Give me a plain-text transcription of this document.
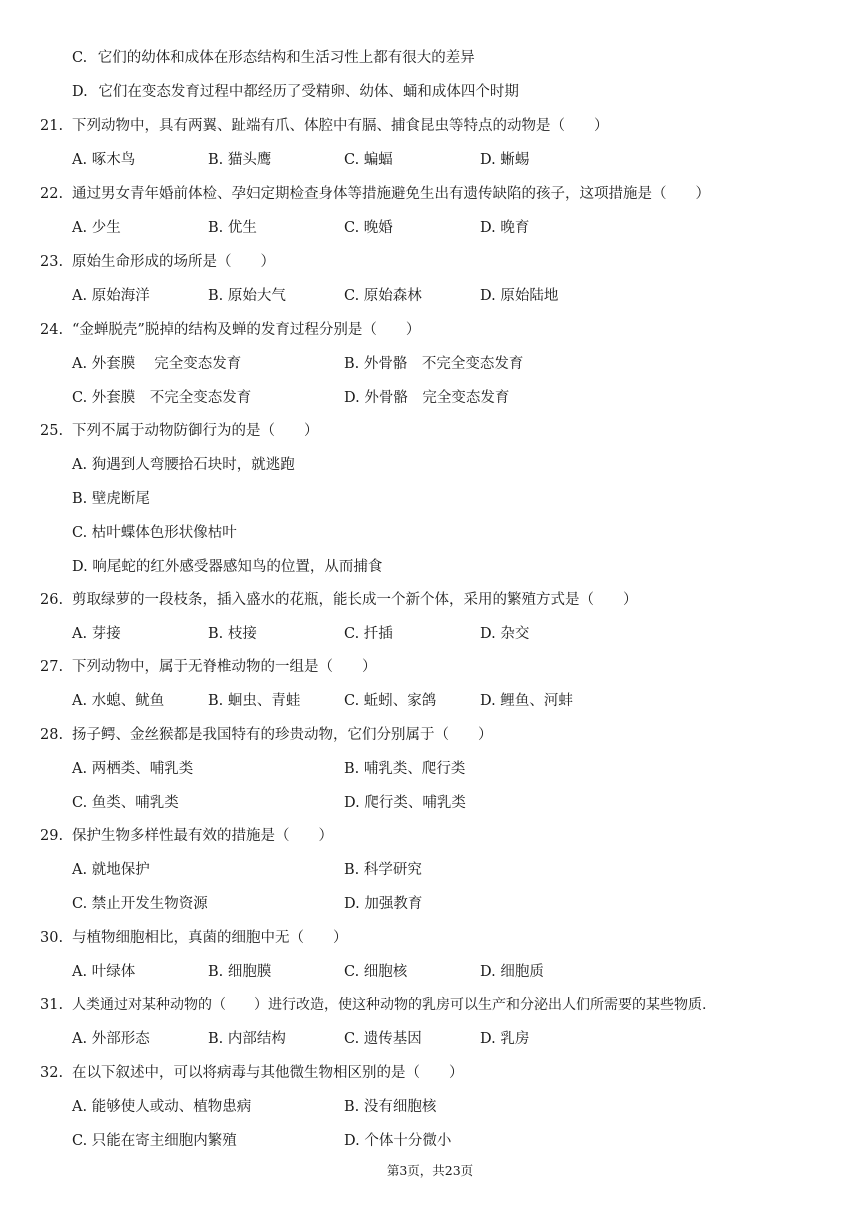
C. 它们的幼体和成体在形态结构和生活习性上都有很大的差异
D. 它们在变态发育过程中都经历了受精卵、幼体、蛹和成体四个时期
21. 下列动物中，具有两翼、趾端有爪、体腔中有膈、捕食昆虫等特点的动物是（　　）
A. 啄木鸟	B. 猫头鹰	C. 蝙蝠	D. 蜥蜴
22. 通过男女青年婚前体检、孕妇定期检查身体等措施避免生出有遗传缺陷的孩子，这项措施是（　　）
A. 少生	B. 优生	C. 晚婚	D. 晚育
23. 原始生命形成的场所是（　　）
A. 原始海洋	B. 原始大气	C. 原始森林	D. 原始陆地
24. “金蝉脱壳”脱掉的结构及蝉的发育过程分别是（　　）
A. 外套膜　 完全变态发育	B. 外骨骼　不完全变态发育
C. 外套膜　不完全变态发育	D. 外骨骼　完全变态发育
25. 下列不属于动物防御行为的是（　　）
A. 狗遇到人弯腰拾石块时，就逃跑
B. 壁虎断尾
C. 枯叶蝶体色形状像枯叶
D. 响尾蛇的红外感受器感知鸟的位置，从而捕食
26. 剪取绿萝的一段枝条，插入盛水的花瓶，能长成一个新个体，采用的繁殖方式是（　　）
A. 芽接	B. 枝接	C. 扦插	D. 杂交
27. 下列动物中，属于无脊椎动物的一组是（　　）
A. 水螅、鱿鱼	B. 蛔虫、青蛙	C. 蚯蚓、家鸽	D. 鲤鱼、河蚌
28. 扬子鳄、金丝猴都是我国特有的珍贵动物，它们分别属于（　　）
A. 两栖类、哺乳类	B. 哺乳类、爬行类
C. 鱼类、哺乳类	D. 爬行类、哺乳类
29. 保护生物多样性最有效的措施是（　　）
A. 就地保护	B. 科学研究
C. 禁止开发生物资源	D. 加强教育
30. 与植物细胞相比，真菌的细胞中无（　　）
A. 叶绿体	B. 细胞膜	C. 细胞核	D. 细胞质
31. 人类通过对某种动物的（　　）进行改造，使这种动物的乳房可以生产和分泌出人们所需要的某些物质.
A. 外部形态	B. 内部结构	C. 遗传基因	D. 乳房
32. 在以下叙述中，可以将病毒与其他微生物相区别的是（　　）
A. 能够使人或动、植物患病	B. 没有细胞核
C. 只能在寄主细胞内繁殖	D. 个体十分微小
第3页，共23页
